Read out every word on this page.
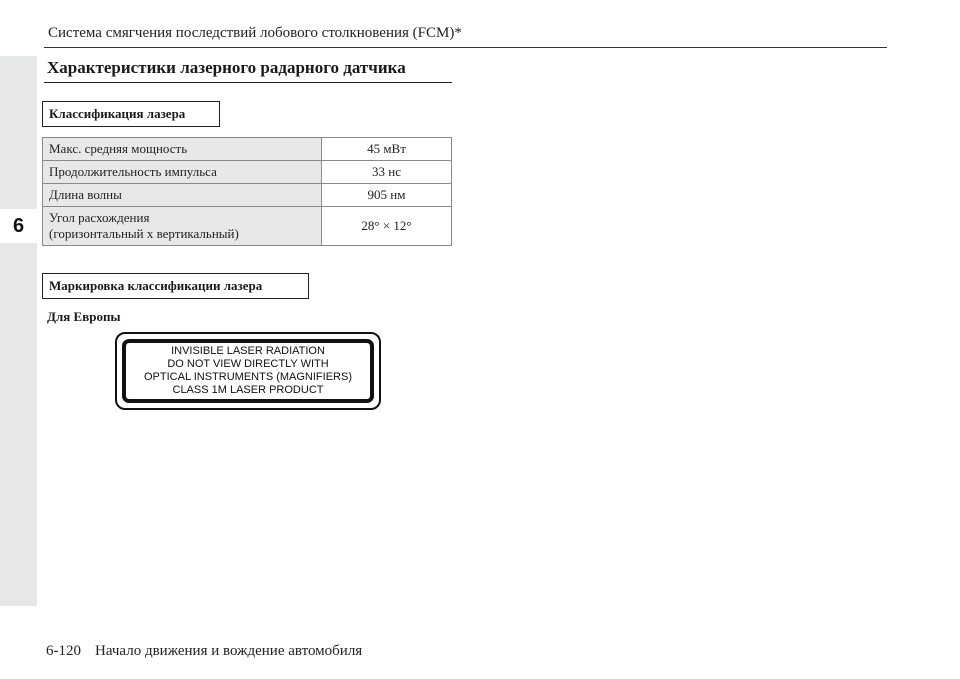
6
Система смягчения последствий лобового столкновения (FCM)*
Характеристики лазерного радарного датчика
Классификация лазера
Макс. средняя мощность	45 мВт
Продолжительность импульса	33 нс
Длина волны	905 нм

Угол расхождения
(горизонтальный x вертикальный)	28° × 12°
Маркировка классификации лазера
Для Европы
INVISIBLE LASER RADIATION
DO NOT VIEW DIRECTLY WITH
OPTICAL INSTRUMENTS (MAGNIFIERS)
CLASS 1M LASER PRODUCT
6-120 Начало движения и вождение автомобиля
